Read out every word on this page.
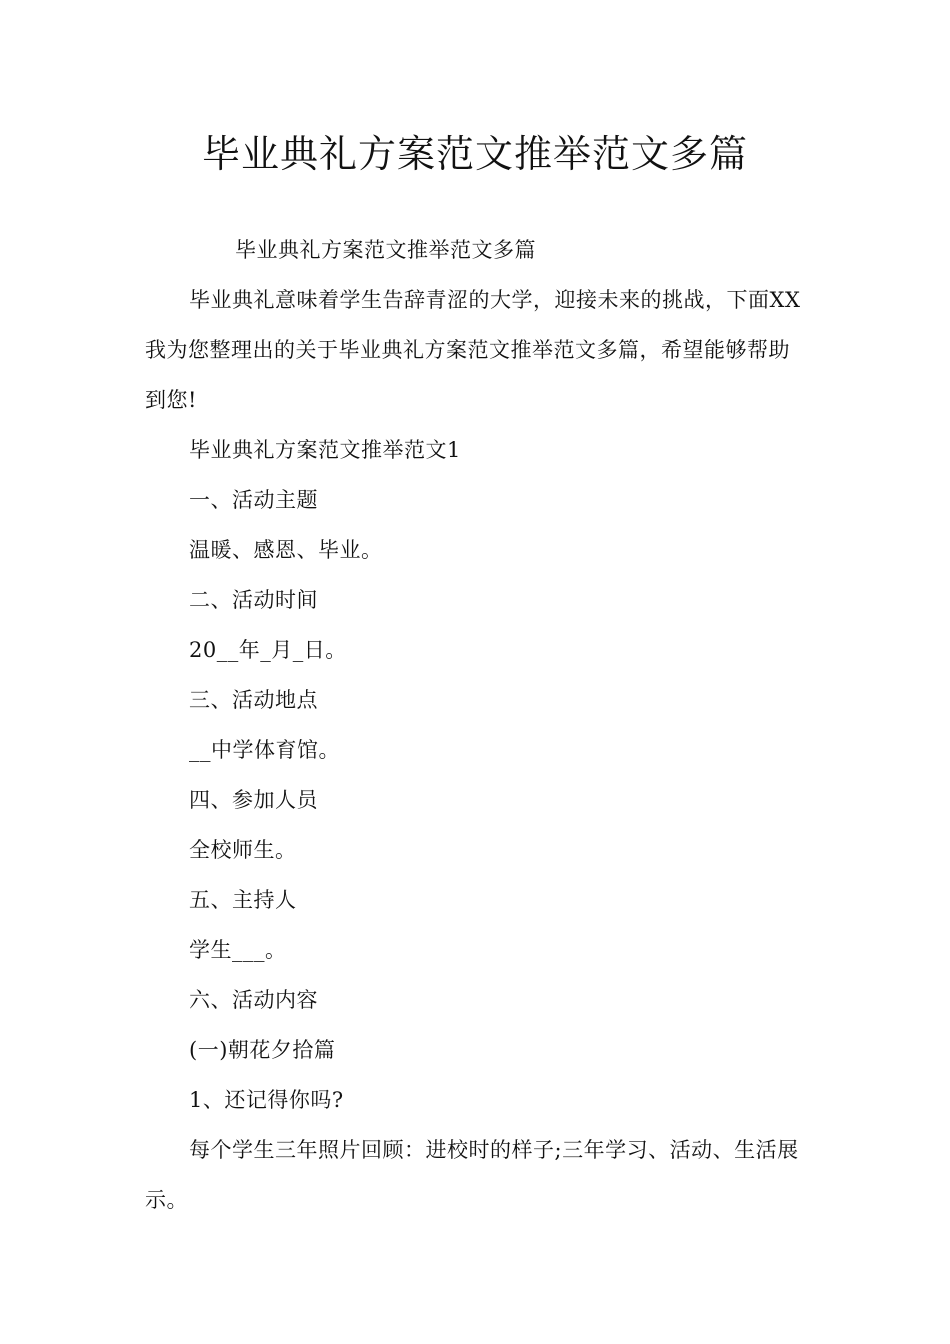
毕业典礼方案范文推举范文多篇

毕业典礼方案范文推举范文多篇

毕业典礼意味着学生告辞青涩的大学，迎接未来的挑战，下面XX我为您整理出的关于毕业典礼方案范文推举范文多篇，希望能够帮助到您!

毕业典礼方案范文推举范文1

一、活动主题

温暖、感恩、毕业。

二、活动时间

20__年_月_日。

三、活动地点

__中学体育馆。

四、参加人员

全校师生。

五、主持人

学生___。

六、活动内容

(一)朝花夕拾篇

1、还记得你吗?

每个学生三年照片回顾：进校时的样子;三年学习、活动、生活展示。
